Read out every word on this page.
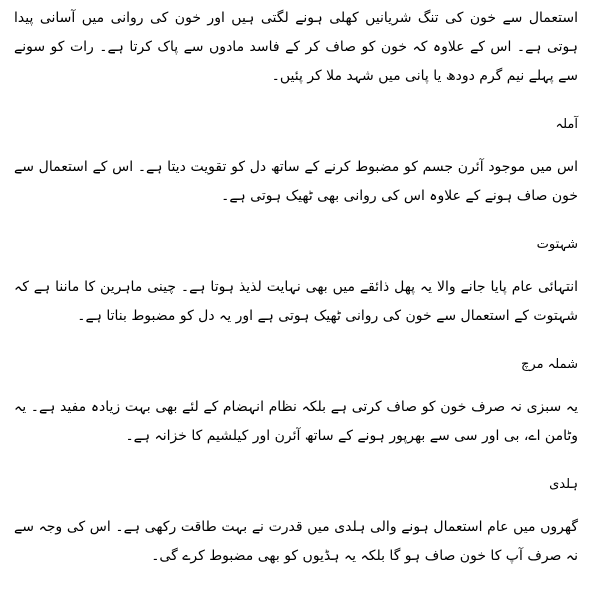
استعمال سے خون کی تنگ شریانیں کھلی ہونے لگتی ہیں اور خون کی روانی میں آسانی پیدا ہوتی ہے۔ اس کے علاوہ کہ خون کو صاف کر کے فاسد مادوں سے پاک کرتا ہے۔ رات کو سونے سے پہلے نیم گرم دودھ یا پانی میں شہد ملا کر پئیں۔

آملہ

اس میں موجود آئرن جسم کو مضبوط کرنے کے ساتھ دل کو تقویت دیتا ہے۔ اس کے استعمال سے خون صاف ہونے کے علاوہ اس کی روانی بھی ٹھیک ہوتی ہے۔

شہتوت

انتہائی عام پایا جانے والا یہ پھل ذائقے میں بھی نہایت لذیذ ہوتا ہے۔ چینی ماہرین کا ماننا ہے کہ شہتوت کے استعمال سے خون کی روانی ٹھیک ہوتی ہے اور یہ دل کو مضبوط بناتا ہے۔

شملہ مرچ

یہ سبزی نہ صرف خون کو صاف کرتی ہے بلکہ نظام انہضام کے لئے بھی بہت زیادہ مفید ہے۔ یہ وٹامن اے، بی اور سی سے بھرپور ہونے کے ساتھ آئرن اور کیلشیم کا خزانہ ہے۔

ہلدی

گھروں میں عام استعمال ہونے والی ہلدی میں قدرت نے بہت طاقت رکھی ہے۔ اس کی وجہ سے نہ صرف آپ کا خون صاف ہو گا بلکہ یہ ہڈیوں کو بھی مضبوط کرے گی۔
